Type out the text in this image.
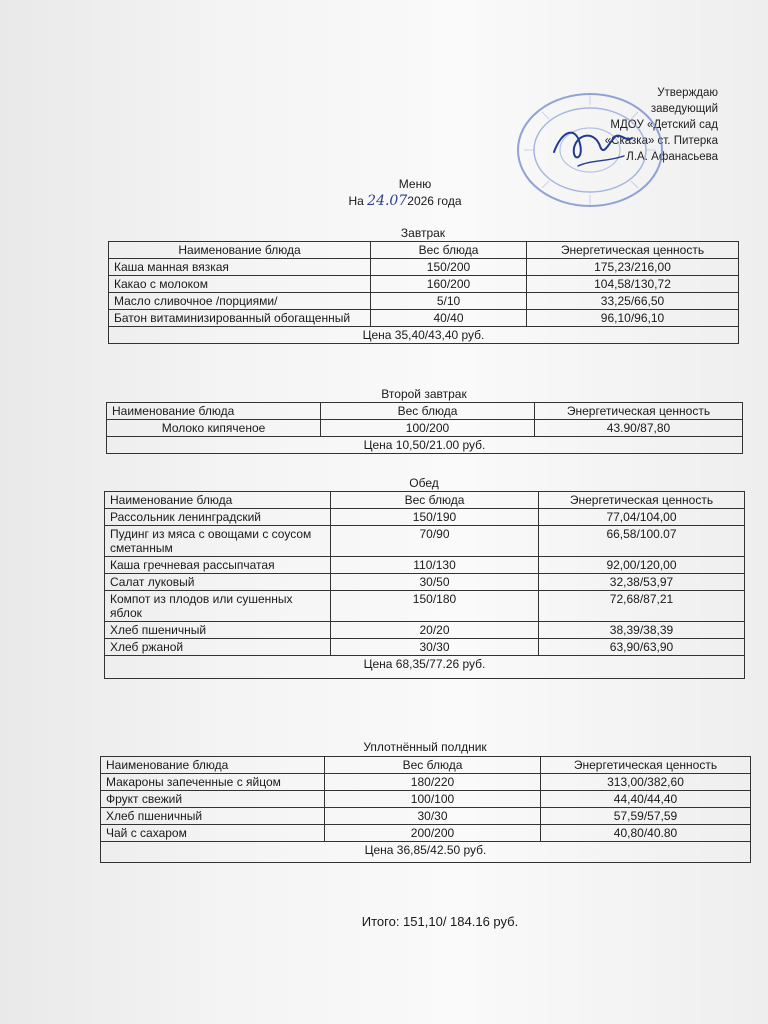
Утверждаю
заведующий
МДОУ «Детский сад
«Сказка» ст. Питерка
Л.А. Афанасьева
Меню
На 24.072026 года
Завтрак
Наименование блюда	Вес блюда	Энергетическая ценность
Каша манная вязкая	150/200	175,23/216,00
Какао с молоком	160/200	104,58/130,72
Масло сливочное /порциями/	5/10	33,25/66,50
Батон витаминизированный обогащенный	40/40	96,10/96,10
Цена 35,40/43,40 руб.		
Второй завтрак
Наименование блюда	Вес блюда	Энергетическая ценность
Молоко кипяченое	100/200	43.90/87,80
Цена 10,50/21.00 руб.		
Обед
Наименование блюда	Вес блюда	Энергетическая ценность
Рассольник ленинградский	150/190	77,04/104,00
Пудинг из мяса с овощами с соусом сметанным	70/90	66,58/100.07
Каша гречневая рассыпчатая	110/130	92,00/120,00
Салат луковый	30/50	32,38/53,97
Компот из плодов или сушенных яблок	150/180	72,68/87,21
Хлеб пшеничный	20/20	38,39/38,39
Хлеб ржаной	30/30	63,90/63,90
Цена 68,35/77.26 руб.		
Уплотнённый полдник
Наименование блюда	Вес блюда	Энергетическая ценность
Макароны запеченные с яйцом	180/220	313,00/382,60
Фрукт свежий	100/100	44,40/44,40
Хлеб пшеничный	30/30	57,59/57,59
Чай с сахаром	200/200	40,80/40.80
Цена 36,85/42.50 руб.		
Итого: 151,10/ 184.16 руб.
